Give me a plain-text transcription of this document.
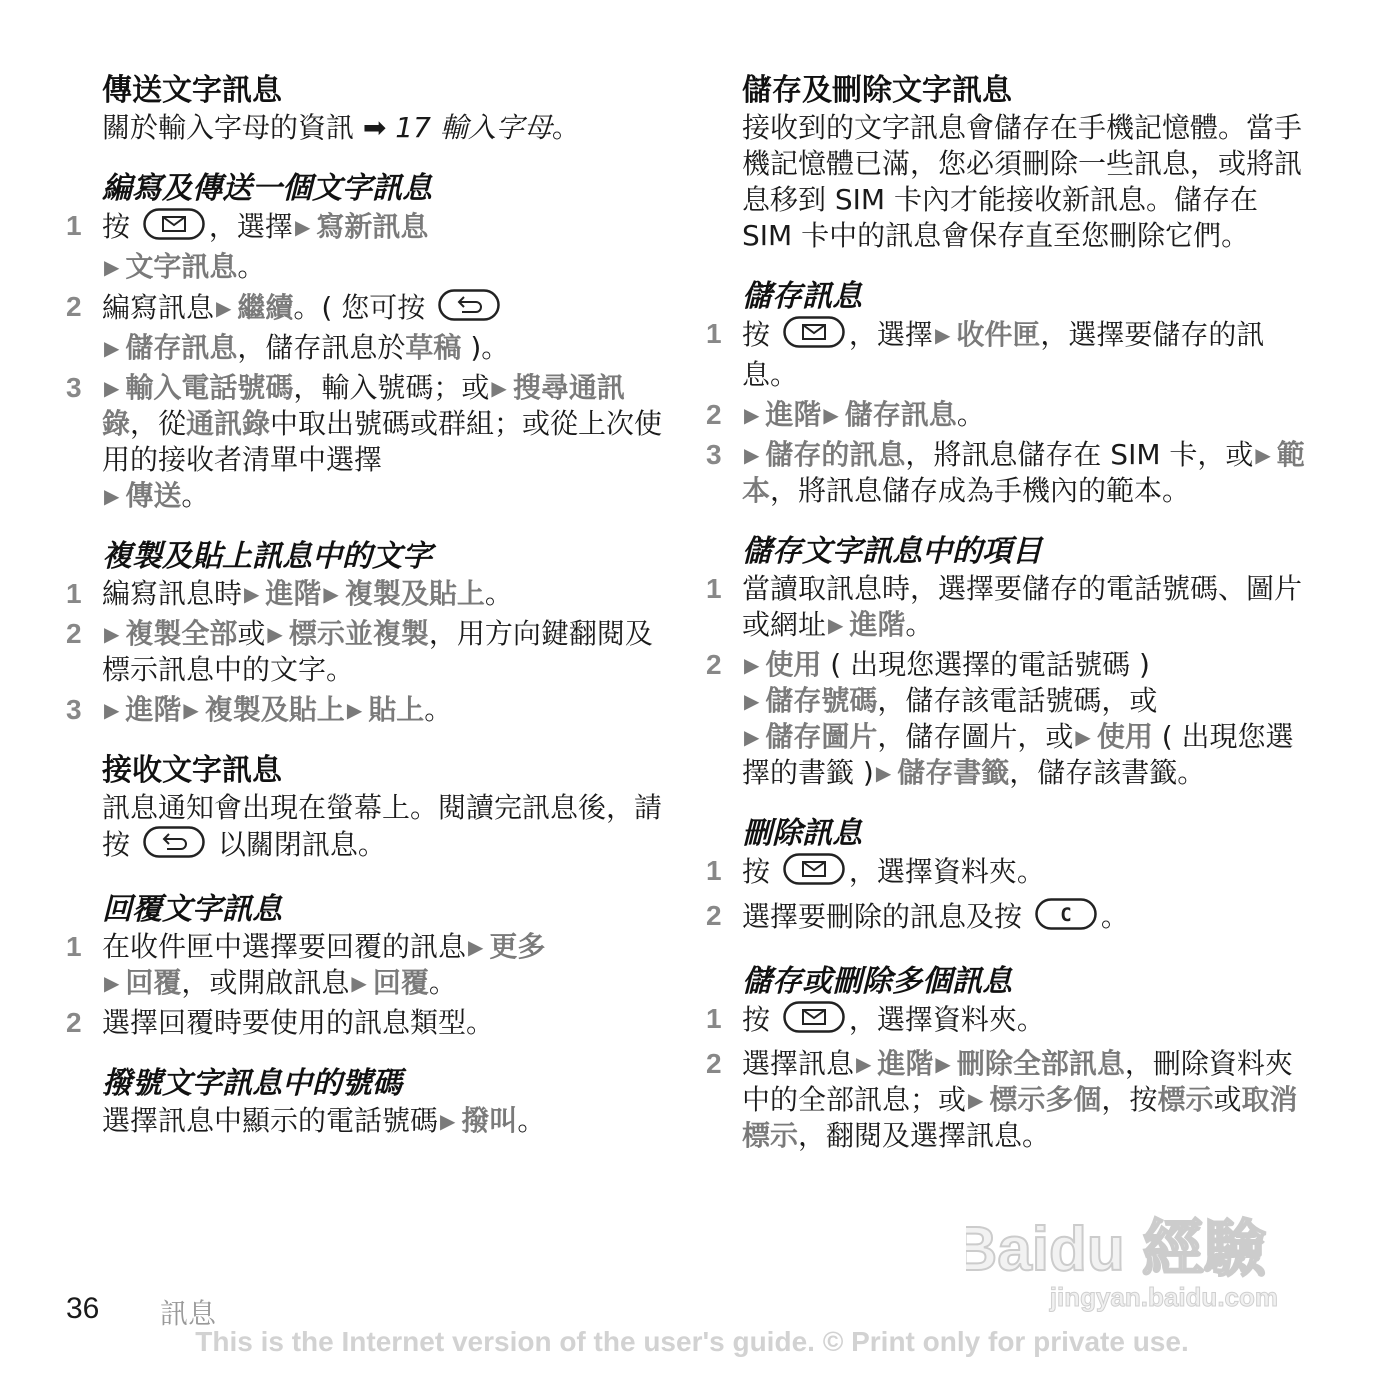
傳送文字訊息
關於輸入字母的資訊 ➡ 17 輸入字母。
編寫及傳送一個文字訊息
1 按	，選擇 ▶ 寫新訊息
▶ 文字訊息。
2 編寫訊息 ▶ 繼續。( 您可按
▶ 儲存訊息，儲存訊息於草稿 )。
3 ▶ 輸入電話號碼，輸入號碼；或 ▶ 搜尋通訊錄，從通訊錄中取出號碼或群組；或從上次使用的接收者清單中選擇
▶ 傳送。
複製及貼上訊息中的文字
1 編寫訊息時 ▶ 進階 ▶ 複製及貼上。
2 ▶ 複製全部或 ▶ 標示並複製，用方向鍵翻閱及標示訊息中的文字。
3 ▶ 進階 ▶ 複製及貼上 ▶ 貼上。
接收文字訊息
訊息通知會出現在螢幕上。閱讀完訊息後，請按	以關閉訊息。
回覆文字訊息
1 在收件匣中選擇要回覆的訊息 ▶ 更多
▶ 回覆，或開啟訊息 ▶ 回覆。
2 選擇回覆時要使用的訊息類型。
撥號文字訊息中的號碼
選擇訊息中顯示的電話號碼 ▶ 撥叫。
儲存及刪除文字訊息
接收到的文字訊息會儲存在手機記憶體。當手機記憶體已滿，您必須刪除一些訊息，或將訊息移到 SIM 卡內才能接收新訊息。儲存在 SIM 卡中的訊息會保存直至您刪除它們。
儲存訊息
1 按	，選擇 ▶ 收件匣，選擇要儲存的訊息。
2 ▶ 進階 ▶ 儲存訊息。
3 ▶ 儲存的訊息，將訊息儲存在 SIM 卡，或 ▶ 範本，將訊息儲存成為手機內的範本。
儲存文字訊息中的項目
1 當讀取訊息時，選擇要儲存的電話號碼、圖片或網址 ▶ 進階。
2 ▶ 使用 ( 出現您選擇的電話號碼 )
▶ 儲存號碼，儲存該電話號碼，或
▶ 儲存圖片，儲存圖片，或 ▶ 使用 ( 出現您選擇的書籤 ) ▶ 儲存書籤，儲存該書籤。
刪除訊息
1 按	，選擇資料夾。
2 選擇要刪除的訊息及按 C 。
儲存或刪除多個訊息
1 按	，選擇資料夾。
2 選擇訊息 ▶ 進階 ▶ 刪除全部訊息，刪除資料夾中的全部訊息；或 ▶ 標示多個，按標示或取消標示，翻閱及選擇訊息。
Baidu 經驗
jingyan.baidu.com
36 訊息
This is the Internet version of the user's guide. © Print only for private use.
